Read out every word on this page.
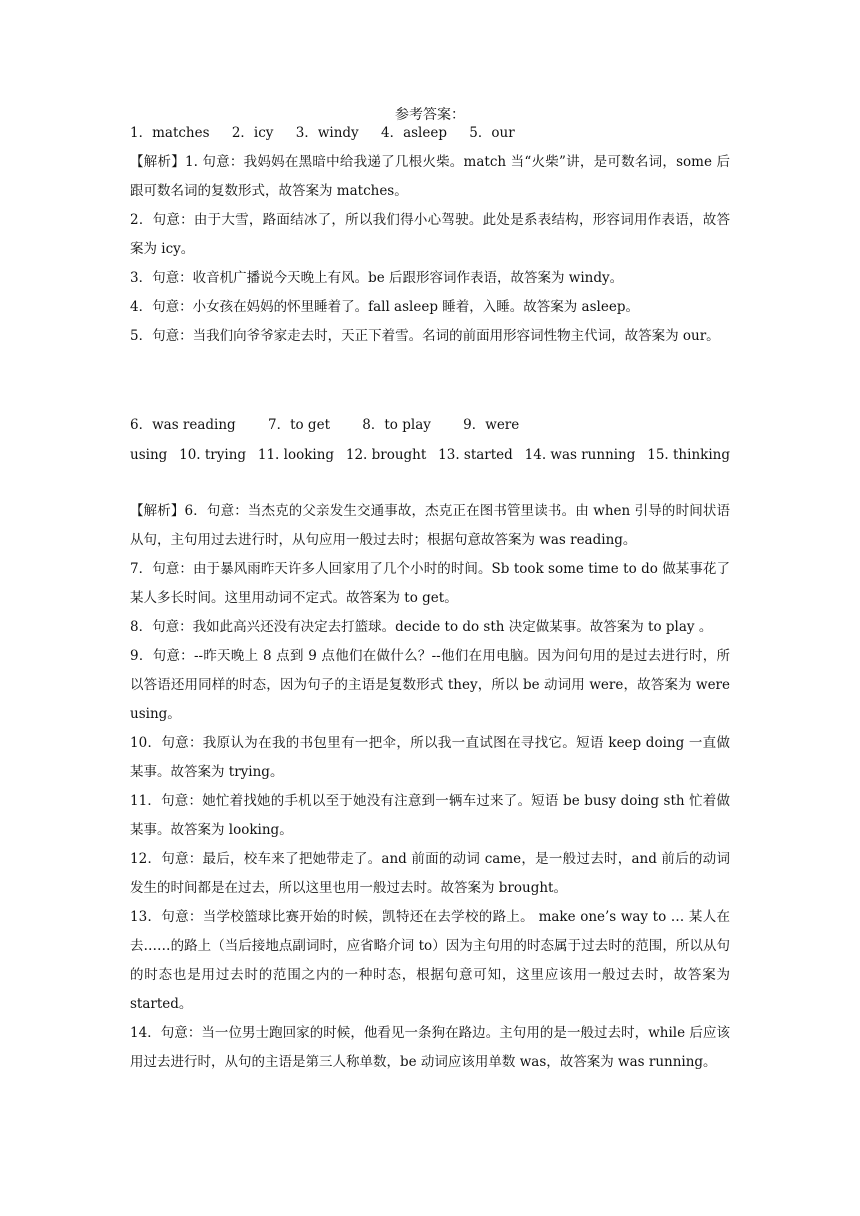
参考答案：
1．matches 2．icy 3．windy 4．asleep 5．our
【解析】1. 句意：我妈妈在黑暗中给我递了几根火柴。match 当“火柴”讲，是可数名词，some 后跟可数名词的复数形式，故答案为 matches。
2．句意：由于大雪，路面结冰了，所以我们得小心驾驶。此处是系表结构，形容词用作表语，故答案为 icy。
3．句意：收音机广播说今天晚上有风。be 后跟形容词作表语，故答案为 windy。
4．句意：小女孩在妈妈的怀里睡着了。fall asleep 睡着，入睡。故答案为 asleep。
5．句意：当我们向爷爷家走去时，天正下着雪。名词的前面用形容词性物主代词，故答案为 our。
6．was reading 7．to get 8．to play 9．were
using 10. trying 11. looking 12. brought 13. started 14. was running 15. thinking
【解析】6．句意：当杰克的父亲发生交通事故，杰克正在图书管里读书。由 when 引导的时间状语从句，主句用过去进行时，从句应用一般过去时；根据句意故答案为 was reading。
7．句意：由于暴风雨昨天许多人回家用了几个小时的时间。Sb took some time to do 做某事花了某人多长时间。这里用动词不定式。故答案为 to get。
8．句意：我如此高兴还没有决定去打篮球。decide to do sth 决定做某事。故答案为 to play 。
9．句意：--昨天晚上 8 点到 9 点他们在做什么？--他们在用电脑。因为问句用的是过去进行时，所以答语还用同样的时态，因为句子的主语是复数形式 they，所以 be 动词用 were，故答案为 were using。
10．句意：我原认为在我的书包里有一把伞，所以我一直试图在寻找它。短语 keep doing 一直做某事。故答案为 trying。
11．句意：她忙着找她的手机以至于她没有注意到一辆车过来了。短语 be busy doing sth 忙着做某事。故答案为 looking。
12．句意：最后，校车来了把她带走了。and 前面的动词 came，是一般过去时，and 前后的动词发生的时间都是在过去，所以这里也用一般过去时。故答案为 brought。
13．句意：当学校篮球比赛开始的时候，凯特还在去学校的路上。 make one’s way to … 某人在去……的路上（当后接地点副词时，应省略介词 to）因为主句用的时态属于过去时的范围，所以从句的时态也是用过去时的范围之内的一种时态，根据句意可知，这里应该用一般过去时，故答案为 started。
14．句意：当一位男士跑回家的时候，他看见一条狗在路边。主句用的是一般过去时，while 后应该用过去进行时，从句的主语是第三人称单数，be 动词应该用单数 was，故答案为 was running。
